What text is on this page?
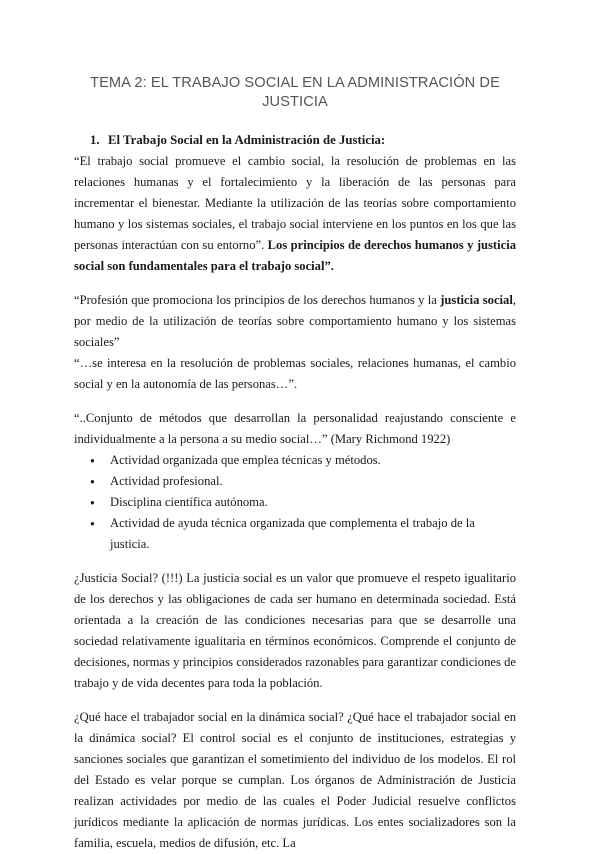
TEMA 2: EL TRABAJO SOCIAL EN LA ADMINISTRACIÓN DE JUSTICIA
1. El Trabajo Social en la Administración de Justicia:

“El trabajo social promueve el cambio social, la resolución de problemas en las relaciones humanas y el fortalecimiento y la liberación de las personas para incrementar el bienestar. Mediante la utilización de las teorías sobre comportamiento humano y los sistemas sociales, el trabajo social interviene en los puntos en los que las personas interactúan con su entorno”. Los principios de derechos humanos y justicia social son fundamentales para el trabajo social”.

“Profesión que promociona los principios de los derechos humanos y la justicia social, por medio de la utilización de teorías sobre comportamiento humano y los sistemas sociales”

“…se interesa en la resolución de problemas sociales, relaciones humanas, el cambio social y en la autonomía de las personas…”.

“..Conjunto de métodos que desarrollan la personalidad reajustando consciente e individualmente a la persona a su medio social…” (Mary Richmond 1922)

● Actividad organizada que emplea técnicas y métodos.
● Actividad profesional.
● Disciplina científica autónoma.
● Actividad de ayuda técnica organizada que complementa el trabajo de la justicia.

¿Justicia Social? (!!!) La justicia social es un valor que promueve el respeto igualitario de los derechos y las obligaciones de cada ser humano en determinada sociedad. Está orientada a la creación de las condiciones necesarias para que se desarrolle una sociedad relativamente igualitaria en términos económicos. Comprende el conjunto de decisiones, normas y principios considerados razonables para garantizar condiciones de trabajo y de vida decentes para toda la población.

¿Qué hace el trabajador social en la dinámica social? ¿Qué hace el trabajador social en la dinámica social? El control social es el conjunto de instituciones, estrategias y sanciones sociales que garantizan el sometimiento del individuo de los modelos. El rol del Estado es velar porque se cumplan. Los órganos de Administración de Justicia realizan actividades por medio de las cuales el Poder Judicial resuelve conflictos jurídicos mediante la aplicación de normas jurídicas. Los entes socializadores son la familia, escuela, medios de difusión, etc. La
